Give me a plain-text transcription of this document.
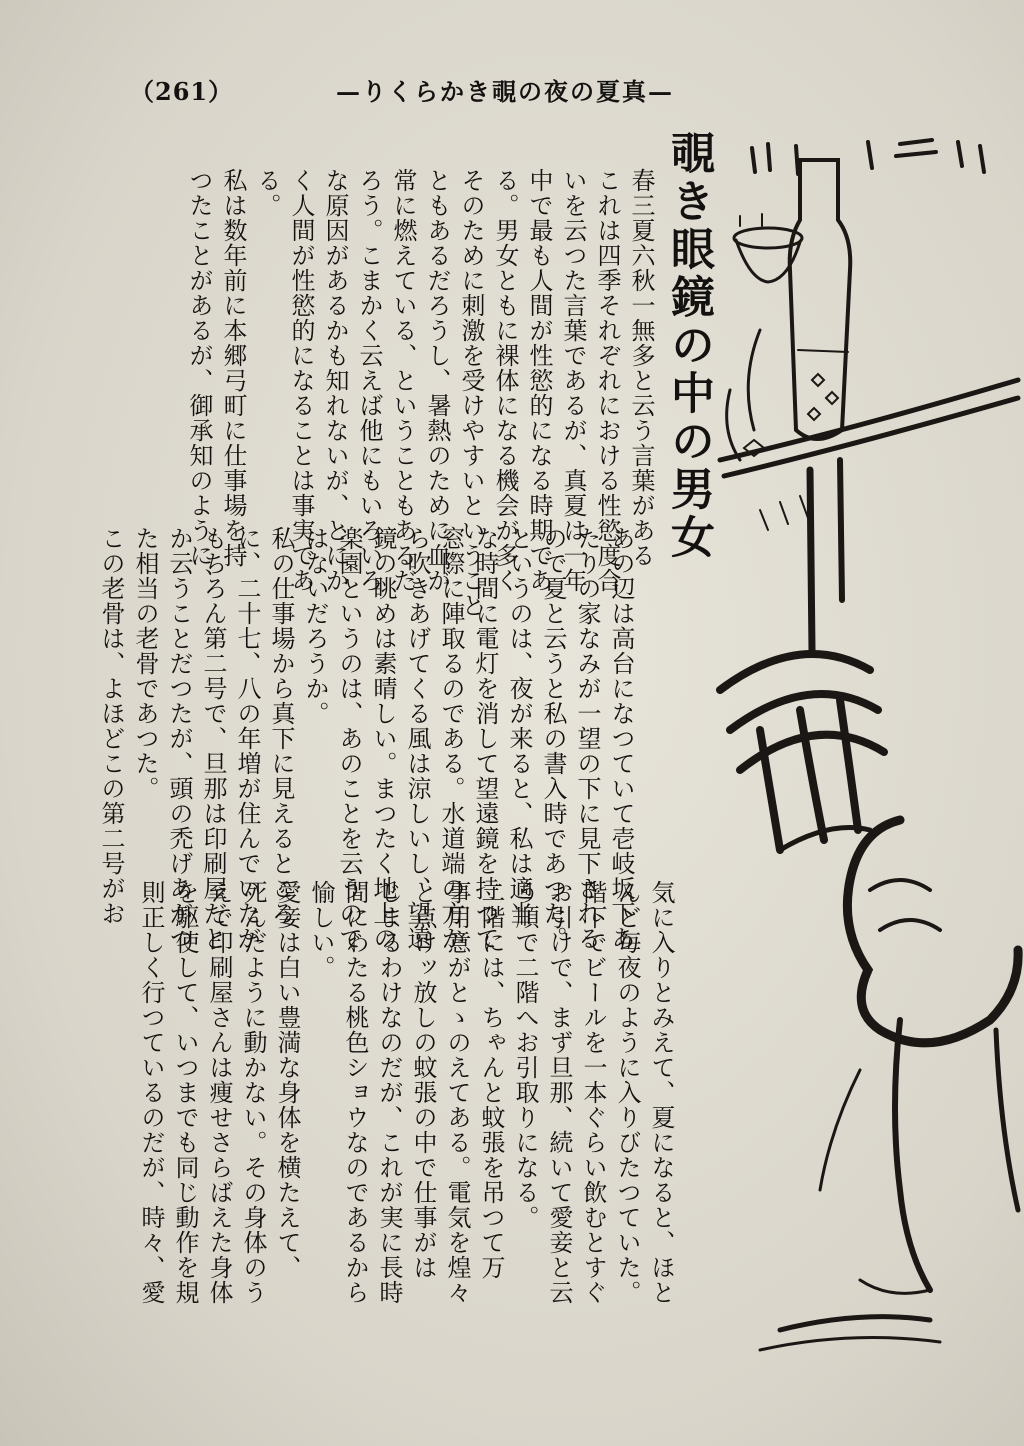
（261）	—りくらかき覗の夜の夏真—
覗き眼鏡の中の男女
春三夏六秋一無多と云う言葉がある
これは四季それぞれにおける性慾度合
いを云つた言葉であるが、真夏は一年
中で最も人間が性慾的になる時期であ
る。男女ともに裸体になる機会が多く
そのために刺激を受けやすいということ
ともあるだろうし、暑熱のために血が
常に燃えている、ということもあるだ
ろう。こまかく云えば他にもいろいろ
な原因があるかも知れないが、とにか
く人間が性慾的になることは事実であ
る。
私は数年前に本郷弓町に仕事場を持
つたことがあるが、御承知のように、
あの辺は高台になつていて壱岐坂下あ
たりの家なみが一望の下に見下される
ので夏と云うと私の書入時であつた。
というのは、夜が来ると、私は適当
な時間に電灯を消して望遠鏡を持つて
窓際に陣取るのである。水道端の方か
ら吹きあげてくる風は涼しいし、望遠
鏡の眺めは素晴しい。まつたく地上の
楽園というのは、あのことを云うので
はないだろうか。
私の仕事場から真下に見えるところ
に、二十七、八の年増が住んでいたが
もちろん第二号で、旦那は印刷屋だと
か云うことだつたが、頭の禿げあがつ
た相当の老骨であつた。
この老骨は、よほどこの第二号がお
気に入りとみえて、夏になると、ほと
んど毎夜のように入りびたつていた。
階下でビールを一本ぐらい飲むとすぐ
お引けで、まず旦那、続いて愛妾と云
う順で二階へお引取りになる。
二階には、ちゃんと蚊張を吊つて万
事用意がとゝのえてある。電気を煌々
と点けッ放しの蚊張の中で仕事がは
じまるわけなのだが、これが実に長時
間にわたる桃色ショウなのであるから
愉しい。
愛妾は白い豊満な身体を横たえて、
死んだように動かない。その身体のう
えで印刷屋さんは痩せさらばえた身体
を駆使して、いつまでも同じ動作を規
則正しく行つているのだが、時々、愛
